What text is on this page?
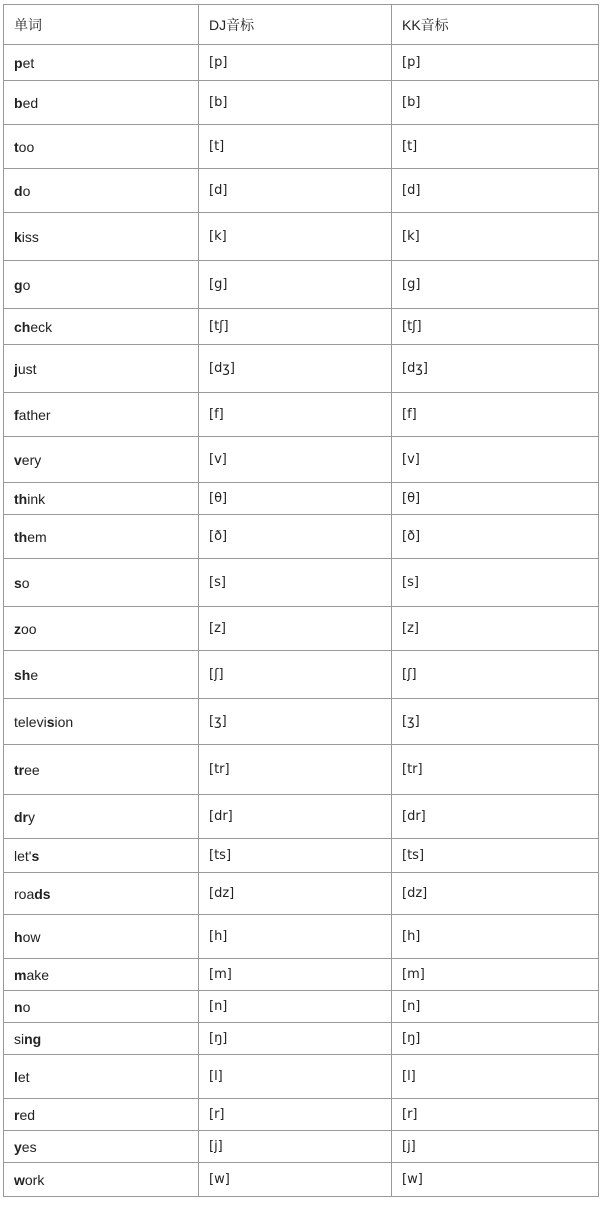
单词	DJ音标	KK音标
pet	[p]	[p]
bed	[b]	[b]
too	[t]	[t]
do	[d]	[d]
kiss	[k]	[k]
go	[g]	[g]
check	[tʃ]	[tʃ]
just	[dʒ]	[dʒ]
father	[f]	[f]
very	[v]	[v]
think	[θ]	[θ]
them	[ð]	[ð]
so	[s]	[s]
zoo	[z]	[z]
she	[ʃ]	[ʃ]
television	[ʒ]	[ʒ]
tree	[tr]	[tr]
dry	[dr]	[dr]
let's	[ts]	[ts]
roads	[dz]	[dz]
how	[h]	[h]
make	[m]	[m]
no	[n]	[n]
sing	[ŋ]	[ŋ]
let	[l]	[l]
red	[r]	[r]
yes	[j]	[j]
work	[w]	[w]
